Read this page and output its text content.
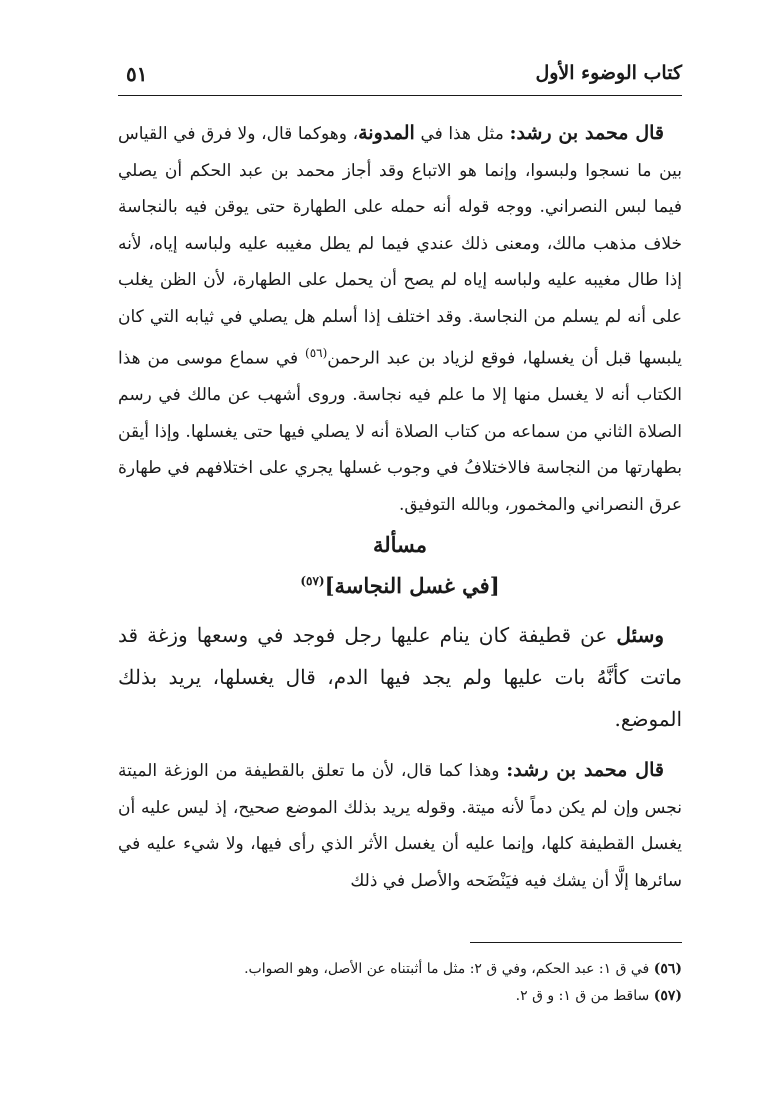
كتاب الوضوء الأول
٥١

قال محمد بن رشد: مثل هذا في المدونة، وهوكما قال، ولا فرق في القياس بين ما نسجوا ولبسوا، وإنما هو الاتباع وقد أجاز محمد بن عبد الحكم أن يصلي فيما لبس النصراني. ووجه قوله أنه حمله على الطهارة حتى يوقن فيه بالنجاسة خلاف مذهب مالك، ومعنى ذلك عندي فيما لم يطل مغيبه عليه ولباسه إياه، لأنه إذا طال مغيبه عليه ولباسه إياه لم يصح أن يحمل على الطهارة، لأن الظن يغلب على أنه لم يسلم من النجاسة. وقد اختلف إذا أسلم هل يصلي في ثيابه التي كان يلبسها قبل أن يغسلها، فوقع لزياد بن عبد الرحمن$^{(٥٦)}$ في سماع موسى من هذا الكتاب أنه لا يغسل منها إلا ما علم فيه نجاسة. وروى أشهب عن مالك في رسم الصلاة الثاني من سماعه من كتاب الصلاة أنه لا يصلي فيها حتى يغسلها. وإذا أيقن بطهارتها من النجاسة فالاختلافُ في وجوب غسلها يجري على اختلافهم في طهارة عرق النصراني والمخمور، وبالله التوفيق.

مسألة

[في غسل النجاسة]$^{(٥٧)}$

وسئل عن قطيفة كان ينام عليها رجل فوجد في وسعها وزغة قد ماتت كأنَّهُ بات عليها ولم يجد فيها الدم، قال يغسلها، يريد بذلك الموضع.

قال محمد بن رشد: وهذا كما قال، لأن ما تعلق بالقطيفة من الوزغة الميتة نجس وإن لم يكن دماً لأنه ميتة. وقوله يريد بذلك الموضع صحيح، إذ ليس عليه أن يغسل القطيفة كلها، وإنما عليه أن يغسل الأثر الذي رأى فيها، ولا شيء عليه في سائرها إلَّا أن يشك فيه فيَنْضَحه والأصل في ذلك

(٥٦) في ق ١: عبد الحكم، وفي ق ٢: مثل ما أثبتناه عن الأصل، وهو الصواب.

(٥٧) ساقط من ق ١: و ق ٢.
